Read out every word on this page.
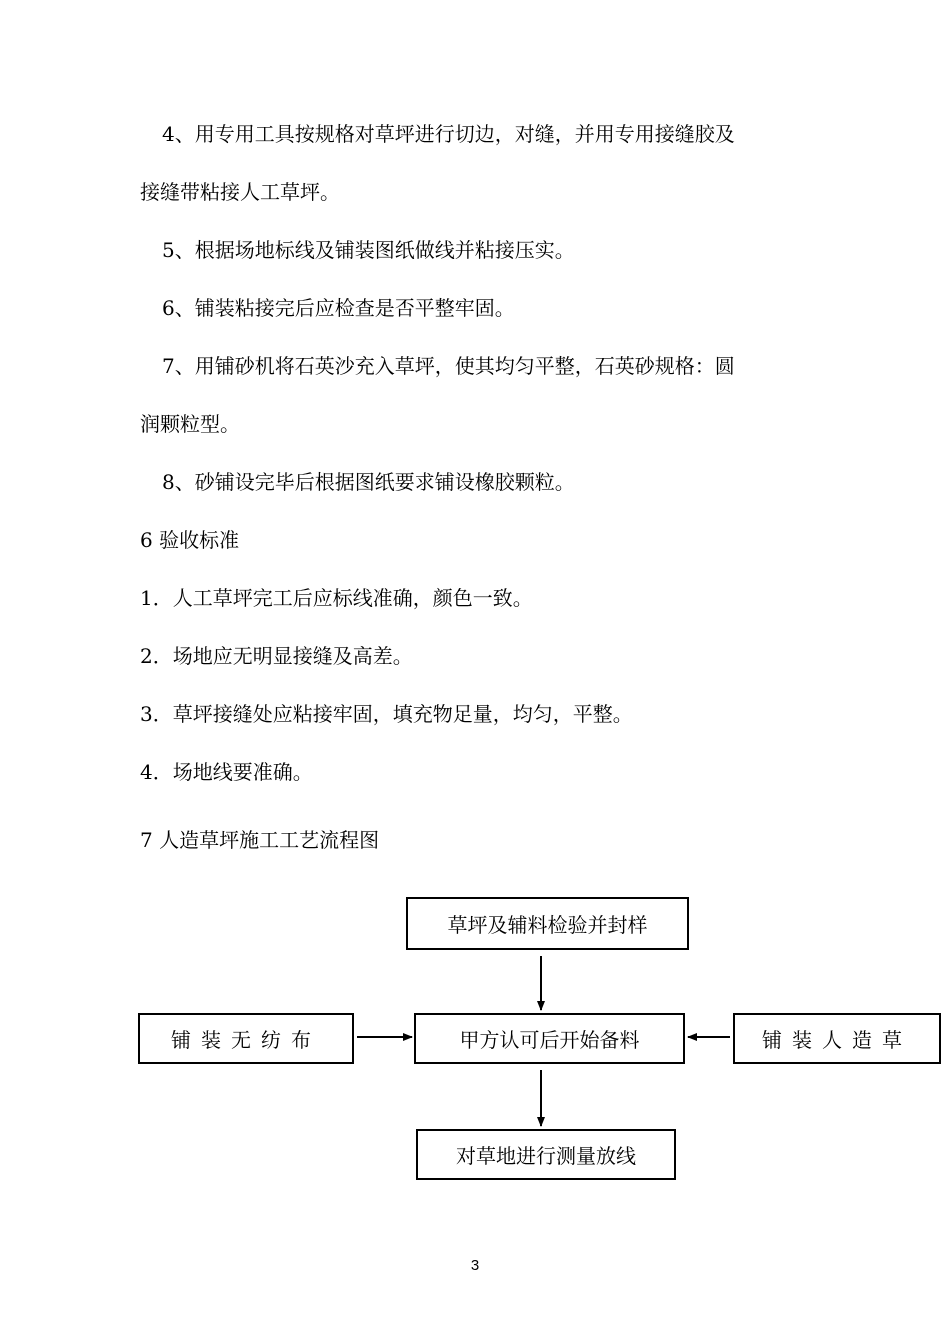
4、用专用工具按规格对草坪进行切边，对缝，并用专用接缝胶及
接缝带粘接人工草坪。
5、根据场地标线及铺装图纸做线并粘接压实。
6、铺装粘接完后应检查是否平整牢固。
7、用铺砂机将石英沙充入草坪，使其均匀平整，石英砂规格：圆
润颗粒型。
8、砂铺设完毕后根据图纸要求铺设橡胶颗粒。
6 验收标准
1．人工草坪完工后应标线准确，颜色一致。
2．场地应无明显接缝及高差。
3．草坪接缝处应粘接牢固，填充物足量，均匀，平整。
4．场地线要准确。
7 人造草坪施工工艺流程图
草坪及辅料检验并封样
铺装无纺布	甲方认可后开始备料	铺装人造草
对草地进行测量放线
3
